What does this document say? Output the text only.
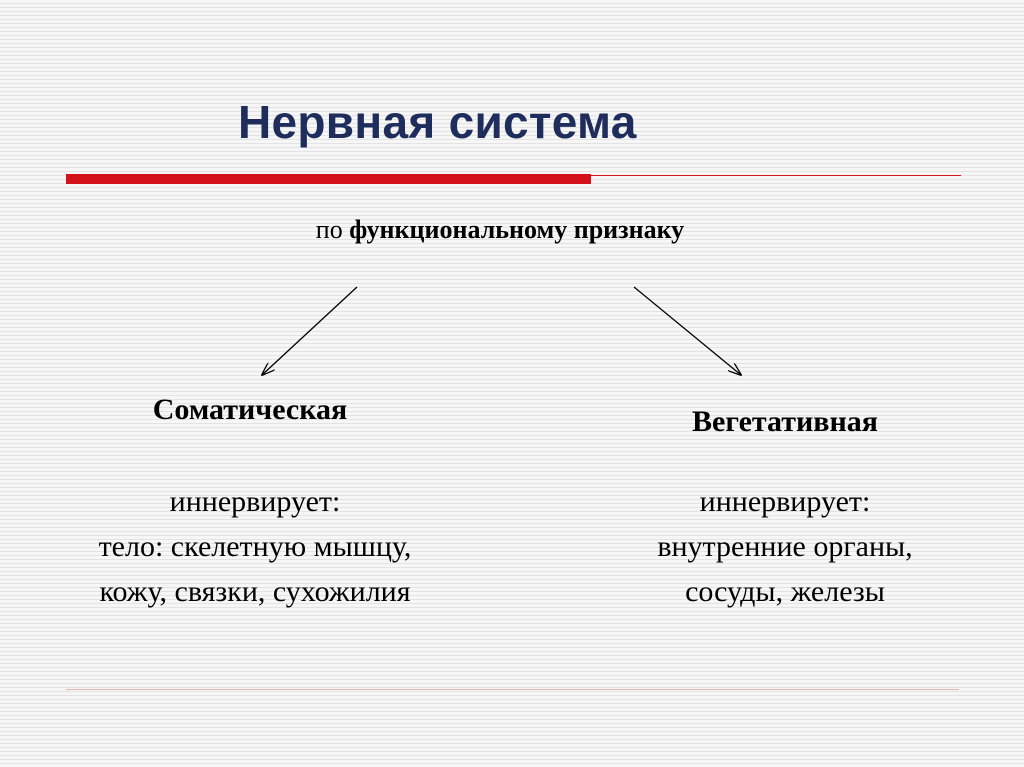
Нервная система
по функциональному признаку
Соматическая	Вегетативная
иннервирует:
тело: скелетную мышцу,
кожу, связки, сухожилия
иннервирует:
внутренние органы,
сосуды, железы
